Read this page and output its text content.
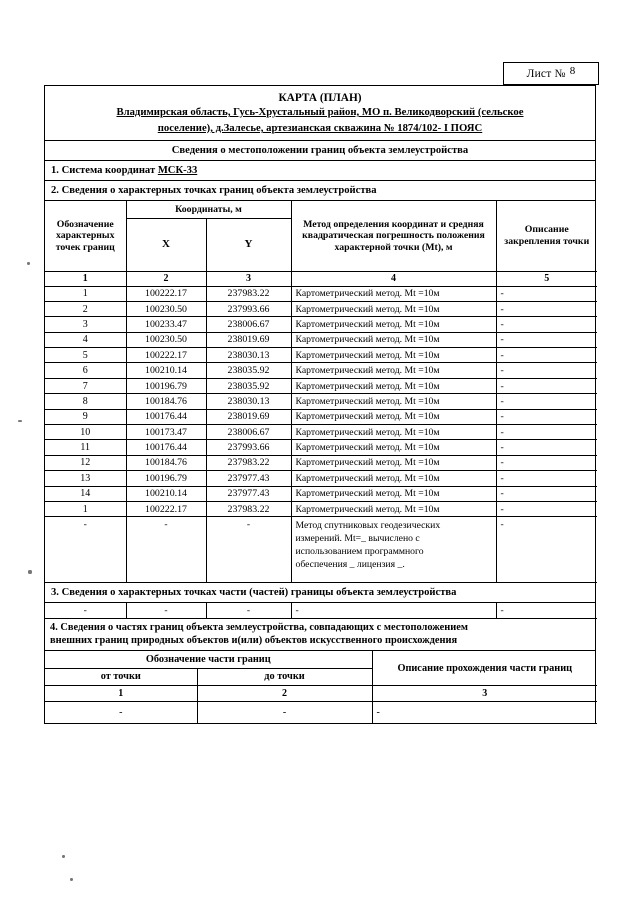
Лист № 8
КАРТА (ПЛАН)
Владимирская область, Гусь-Хрустальный район, МО п. Великодворский (сельское
поселение), д.Залесье, артезианская скважина № 1874/102- I ПОЯС
Сведения о местоположении границ объекта землеустройства
1. Система координат МСК-33
2. Сведения о характерных точках границ объекта землеустройства
Обозначение характерных точек границ	Координаты, м		Метод определения координат и средняя квадратическая погрешность положения характерной точки (Мt), м	Описание закрепления точки
	X	Y		
1	2	3	4	5
1	100222.17	237983.22	Картометрический метод. Мt =10м	-
2	100230.50	237993.66	Картометрический метод. Мt =10м	-
3	100233.47	238006.67	Картометрический метод. Мt =10м	-
4	100230.50	238019.69	Картометрический метод. Мt =10м	-
5	100222.17	238030.13	Картометрический метод. Мt =10м	-
6	100210.14	238035.92	Картометрический метод. Мt =10м	-
7	100196.79	238035.92	Картометрический метод. Мt =10м	-
8	100184.76	238030.13	Картометрический метод. Мt =10м	-
9	100176.44	238019.69	Картометрический метод. Мt =10м	-
10	100173.47	238006.67	Картометрический метод. Мt =10м	-
11	100176.44	237993.66	Картометрический метод. Мt =10м	-
12	100184.76	237983.22	Картометрический метод. Мt =10м	-
13	100196.79	237977.43	Картометрический метод. Мt =10м	-
14	100210.14	237977.43	Картометрический метод. Мt =10м	-
1	100222.17	237983.22	Картометрический метод. Мt =10м	-
-	-	-	Метод спутниковых геодезических
измерений. Мt=_ вычислено с
использованием программного
обеспечения _ лицензия _.	-
3. Сведения о характерных точках части (частей) границы объекта землеустройства
-	-	-	-	-
4. Сведения о частях границ объекта землеустройства, совпадающих с местоположением
внешних границ природных объектов и(или) объектов искусственного происхождения
Обозначение части границ		Описание прохождения части границ
от точки	до точки	
1	2	3
-	-	-
